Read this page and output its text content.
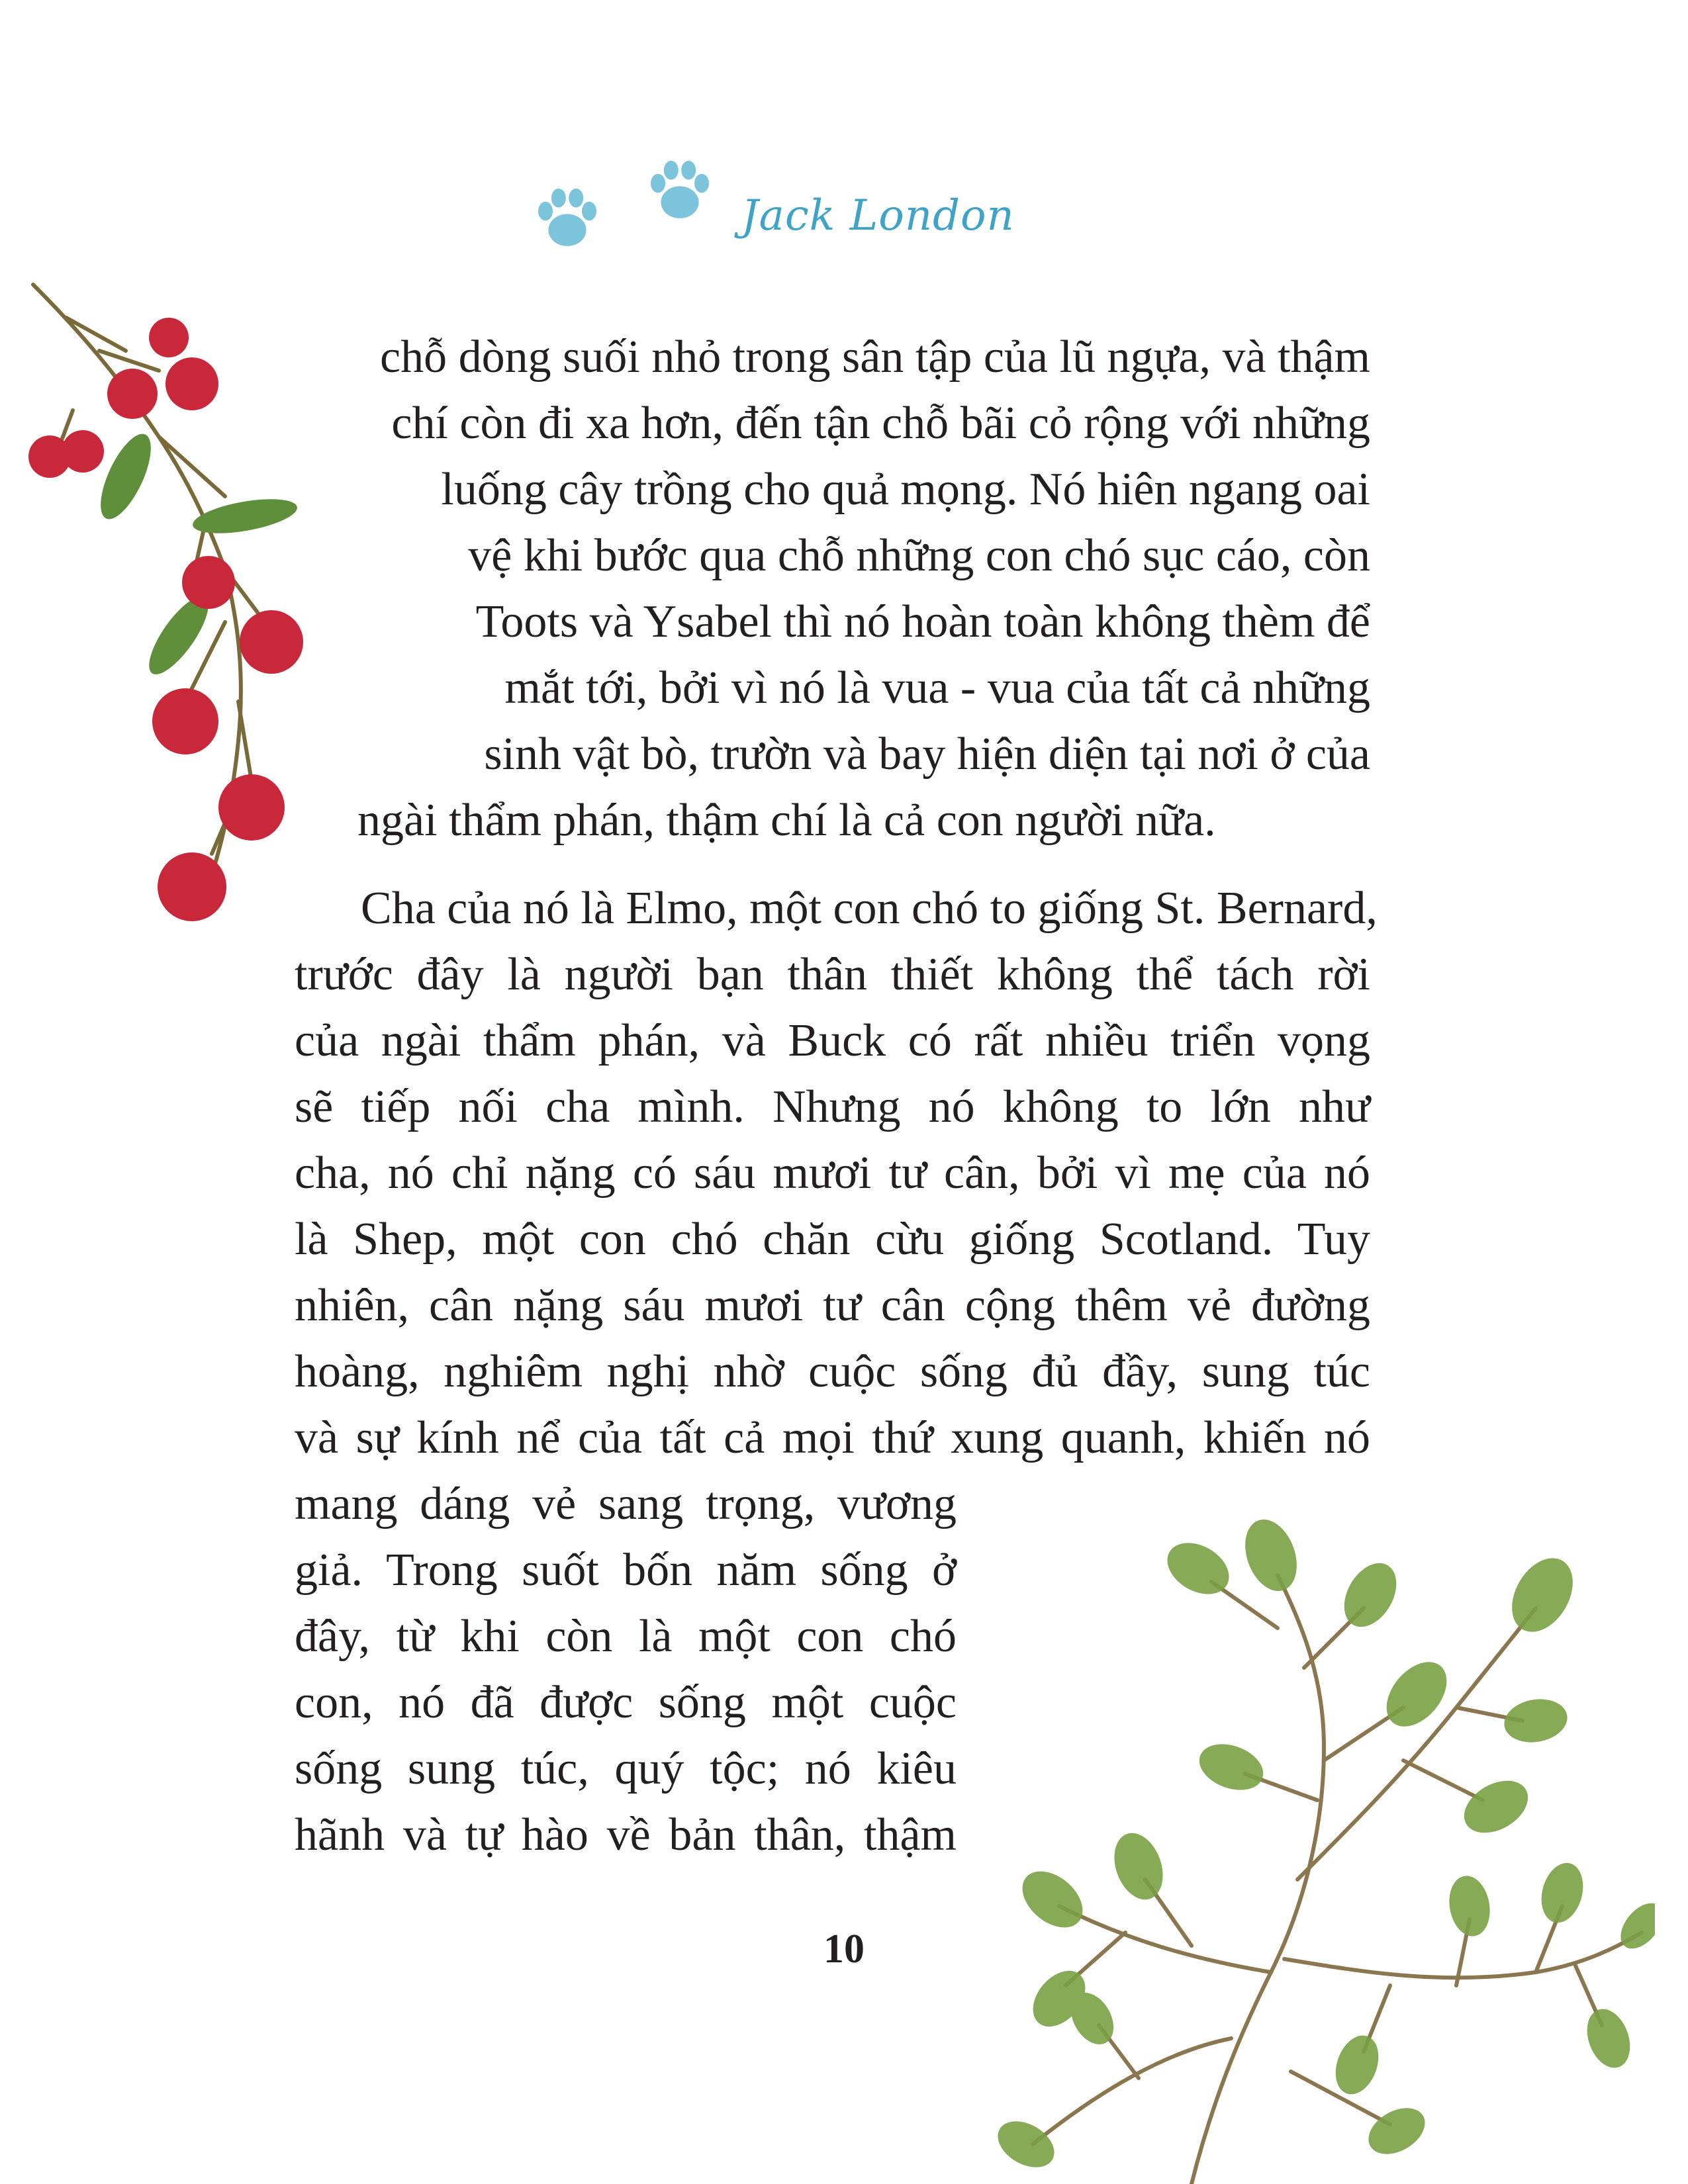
Jack London
chỗ dòng suối nhỏ trong sân tập của lũ ngựa, và thậm
chí còn đi xa hơn, đến tận chỗ bãi cỏ rộng với những
luống cây trồng cho quả mọng. Nó hiên ngang oai
vệ khi bước qua chỗ những con chó sục cáo, còn
Toots và Ysabel thì nó hoàn toàn không thèm để
mắt tới, bởi vì nó là vua - vua của tất cả những
sinh vật bò, trườn và bay hiện diện tại nơi ở của
ngài thẩm phán, thậm chí là cả con người nữa.
Cha của nó là Elmo, một con chó to giống St. Bernard,
trước đây là người bạn thân thiết không thể tách rời
của ngài thẩm phán, và Buck có rất nhiều triển vọng
sẽ tiếp nối cha mình. Nhưng nó không to lớn như
cha, nó chỉ nặng có sáu mươi tư cân, bởi vì mẹ của nó
là Shep, một con chó chăn cừu giống Scotland. Tuy
nhiên, cân nặng sáu mươi tư cân cộng thêm vẻ đường
hoàng, nghiêm nghị nhờ cuộc sống đủ đầy, sung túc
và sự kính nể của tất cả mọi thứ xung quanh, khiến nó
mang dáng vẻ sang trọng, vương
giả. Trong suốt bốn năm sống ở
đây, từ khi còn là một con chó
con, nó đã được sống một cuộc
sống sung túc, quý tộc; nó kiêu
hãnh và tự hào về bản thân, thậm
10
